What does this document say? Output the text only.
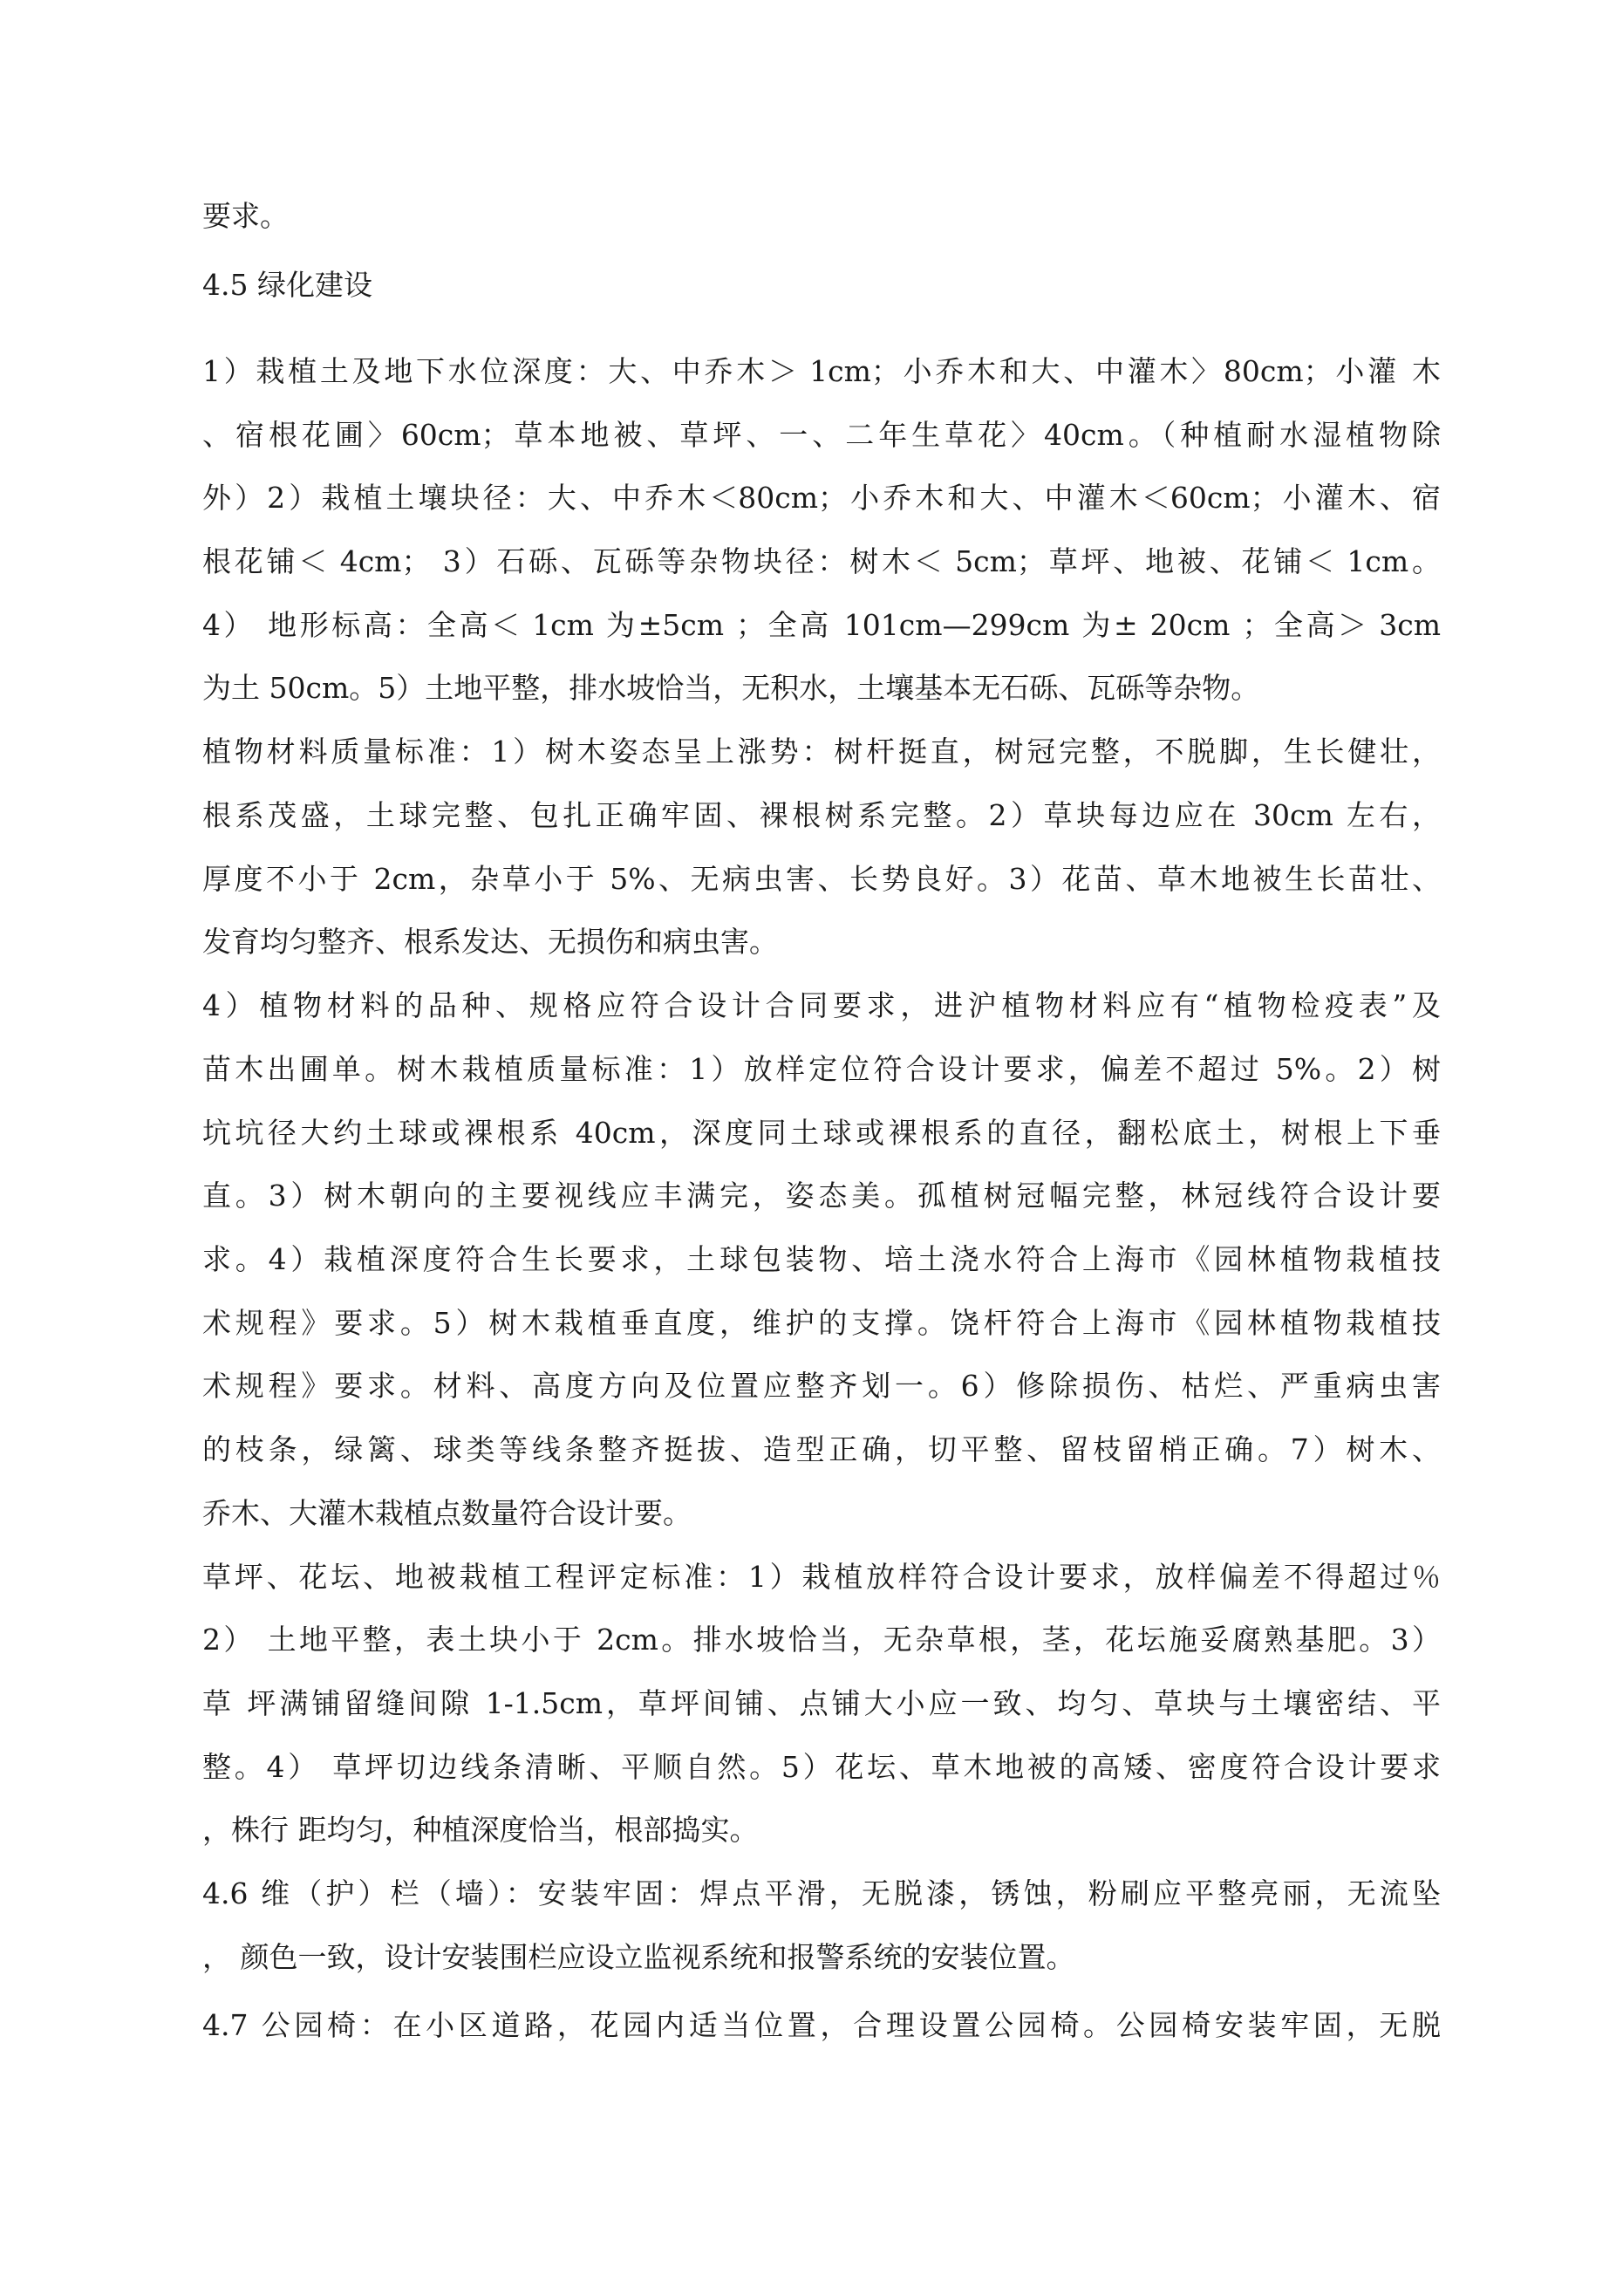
要求。
4.5 绿化建设
1）栽植土及地下水位深度：大、中乔木＞ 1cm；小乔木和大、中灌木〉80cm；小灌 木
、宿根花圃〉60cm；草本地被、草坪、一、二年生草花〉40cm。（种植耐水湿植物除
外）2）栽植土壤块径：大、中乔木＜80cm；小乔木和大、中灌木＜60cm；小灌木、宿
根花铺＜ 4cm； 3）石砾、瓦砾等杂物块径：树木＜ 5cm；草坪、地被、花铺＜ 1cm。
4） 地形标高：全高＜ 1cm 为±5cm ；全高 101cm—299cm 为± 20cm ；全高＞ 3cm
为土 50cm。5）土地平整，排水坡恰当，无积水，土壤基本无石砾、瓦砾等杂物。
植物材料质量标准：1）树木姿态呈上涨势：树杆挺直，树冠完整，不脱脚，生长健壮，
根系茂盛，土球完整、包扎正确牢固、裸根树系完整。2）草块每边应在 30cm 左右，
厚度不小于 2cm，杂草小于 5%、无病虫害、长势良好。3）花苗、草木地被生长苗壮、
发育均匀整齐、根系发达、无损伤和病虫害。
4）植物材料的品种、规格应符合设计合同要求，进沪植物材料应有“植物检疫表”及
苗木出圃单。树木栽植质量标准：1）放样定位符合设计要求，偏差不超过 5%。2）树
坑坑径大约土球或裸根系 40cm，深度同土球或裸根系的直径，翻松底土，树根上下垂
直。3）树木朝向的主要视线应丰满完，姿态美。孤植树冠幅完整，林冠线符合设计要
求。4）栽植深度符合生长要求，土球包装物、培土浇水符合上海市《园林植物栽植技
术规程》要求。5）树木栽植垂直度，维护的支撑。饶杆符合上海市《园林植物栽植技
术规程》要求。材料、高度方向及位置应整齐划一。6）修除损伤、枯烂、严重病虫害
的枝条，绿篱、球类等线条整齐挺拔、造型正确，切平整、留枝留梢正确。7）树木、
乔木、大灌木栽植点数量符合设计要。
草坪、花坛、地被栽植工程评定标准：1）栽植放样符合设计要求，放样偏差不得超过％
2） 土地平整，表土块小于 2cm。排水坡恰当，无杂草根，茎，花坛施妥腐熟基肥。3）
草 坪满铺留缝间隙 1-1.5cm，草坪间铺、点铺大小应一致、均匀、草块与土壤密结、平
整。4） 草坪切边线条清晰、平顺自然。5）花坛、草木地被的高矮、密度符合设计要求
，株行 距均匀，种植深度恰当，根部捣实。
4.6 维（护）栏（墙）：安装牢固：焊点平滑，无脱漆，锈蚀，粉刷应平整亮丽，无流坠
， 颜色一致，设计安装围栏应设立监视系统和报警系统的安装位置。
4.7 公园椅：在小区道路，花园内适当位置，合理设置公园椅。公园椅安装牢固，无脱
